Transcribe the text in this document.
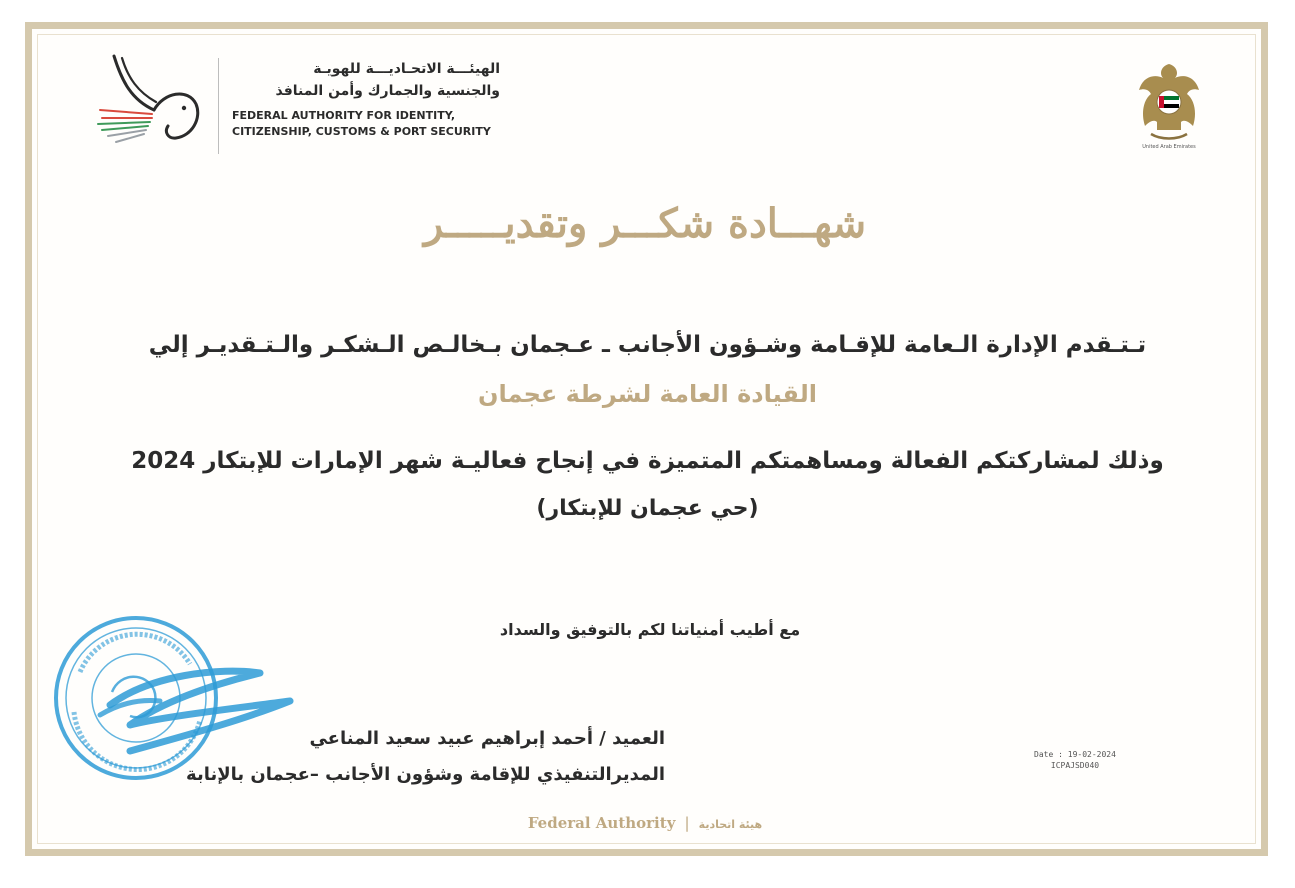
الهيئـــة الاتحـاديـــة للهويـة
والجنسية والجمارك وأمن المنافذ
FEDERAL AUTHORITY FOR IDENTITY,
CITIZENSHIP, CUSTOMS & PORT SECURITY
United Arab Emirates
شهـــادة شكـــر وتقديـــــر
تـتـقدم الإدارة الـعامة للإقـامة وشـؤون الأجانب ـ عـجمان بـخالـص الـشكـر والـتـقديـر إلي
القيادة العامة لشرطة عجمان
وذلك لمشاركتكم الفعالة ومساهمتكم المتميزة في إنجاح فعاليـة شهر الإمارات للإبتكار 2024
(حي عجمان للإبتكار)
مع أطيب أمنياتنا لكم بالتوفيق والسداد
العميد / أحمد إبراهيم عبيد سعيد المناعي
المديرالتنفيذي للإقامة وشؤون الأجانب –عجمان بالإنابة
Date : 19-02-2024
ICPAJSD040
Federal Authority | هيئة اتحادية
